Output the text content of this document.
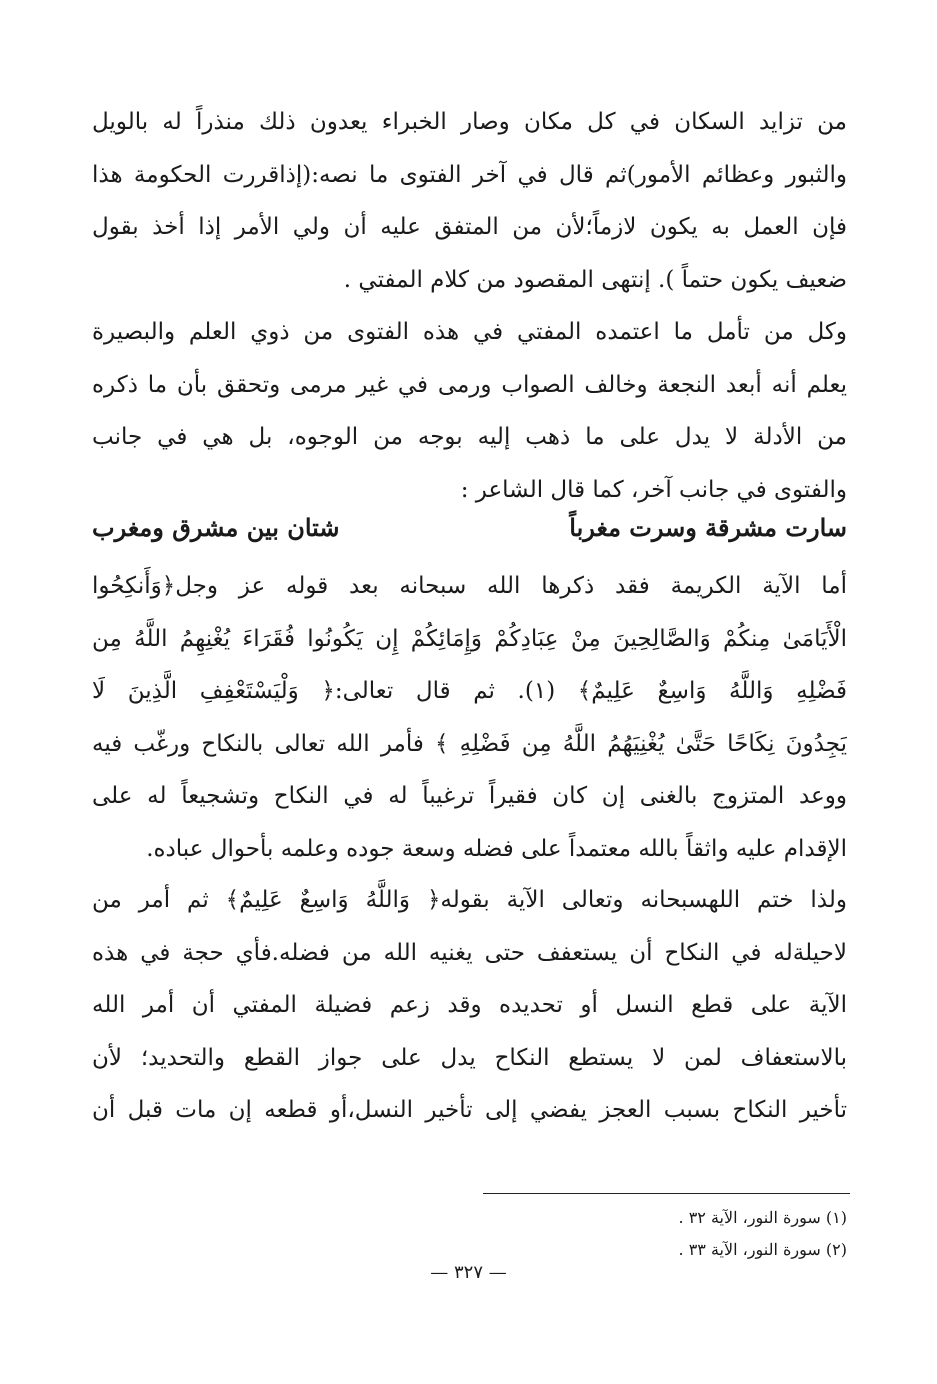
من تزايد السكان في كل مكان وصار الخبراء يعدون ذلك منذراً له بالويل
والثبور وعظائم الأمور)ثم قال في آخر الفتوى ما نصه:(إذاقررت الحكومة هذا
فإن العمل به يكون لازماً؛لأن من المتفق عليه أن ولي الأمر إذا أخذ بقول
ضعيف يكون حتماً ). إنتهى المقصود من كلام المفتي .
وكل من تأمل ما اعتمده المفتي في هذه الفتوى من ذوي العلم والبصيرة
يعلم أنه أبعد النجعة وخالف الصواب ورمى في غير مرمى وتحقق بأن ما ذكره
من الأدلة لا يدل على ما ذهب إليه بوجه من الوجوه، بل هي في جانب
والفتوى في جانب آخر، كما قال الشاعر :
سارت مشرقة وسرت مغرباً
شتان بين مشرق ومغرب
أما الآية الكريمة فقد ذكرها الله سبحانه بعد قوله عز وجل﴿وَأَنكِحُوا
الْأَيَامَىٰ مِنكُمْ وَالصَّالِحِينَ مِنْ عِبَادِكُمْ وَإِمَائِكُمْ إِن يَكُونُوا فُقَرَاءَ يُغْنِهِمُ اللَّهُ مِن
فَضْلِهِ وَاللَّهُ وَاسِعٌ عَلِيمٌ﴾ (١). ثم قال تعالى:﴿ وَلْيَسْتَعْفِفِ الَّذِينَ لَا
يَجِدُونَ نِكَاحًا حَتَّىٰ يُغْنِيَهُمُ اللَّهُ مِن فَضْلِهِ ﴾ فأمر الله تعالى بالنكاح ورغّب فيه
ووعد المتزوج بالغنى إن كان فقيراً ترغيباً له في النكاح وتشجيعاً له على
الإقدام عليه واثقاً بالله معتمداً على فضله وسعة جوده وعلمه بأحوال عباده.
ولذا ختم اللهسبحانه وتعالى الآية بقوله﴿ وَاللَّهُ وَاسِعٌ عَلِيمٌ﴾ ثم أمر من
لاحيلةله في النكاح أن يستعفف حتى يغنيه الله من فضله.فأي حجة في هذه
الآية على قطع النسل أو تحديده وقد زعم فضيلة المفتي أن أمر الله
بالاستعفاف لمن لا يستطع النكاح يدل على جواز القطع والتحديد؛ لأن
تأخير النكاح بسبب العجز يفضي إلى تأخير النسل،أو قطعه إن مات قبل أن
(١) سورة النور، الآية ٣٢ .
(٢) سورة النور، الآية ٣٣ .
— ٣٢٧ —
